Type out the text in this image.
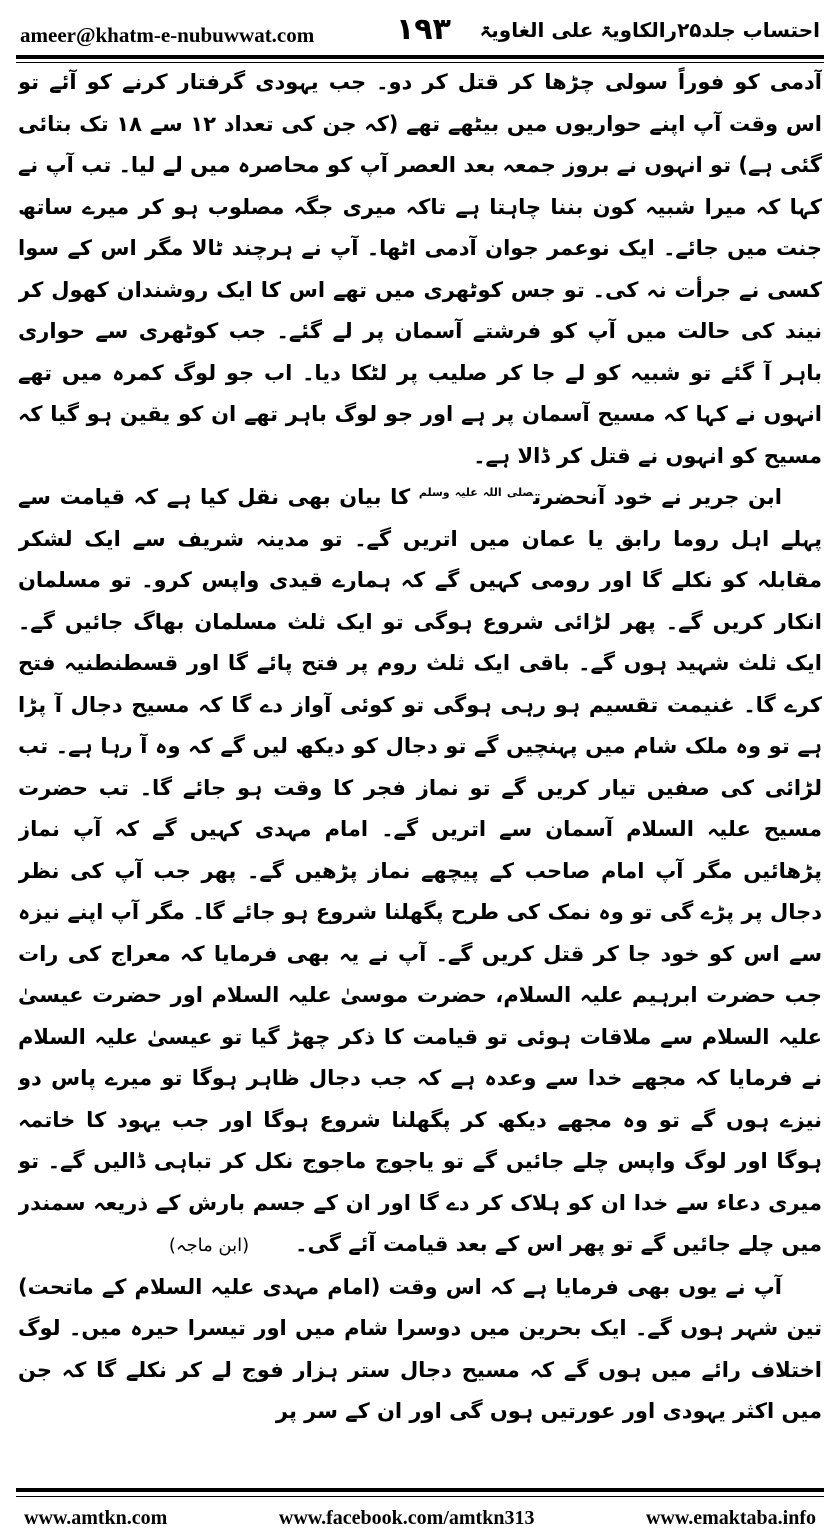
ameer@khatm-e-nubuwwat.com	۱۹۳ احتساب جلد۲۵رالکاویۃ علی الغاویۃ

آدمی کو فوراً سولی چڑھا کر قتل کر دو۔ جب یہودی گرفتار کرنے کو آئے تو اس وقت آپ اپنے حواریوں میں بیٹھے تھے (کہ جن کی تعداد ۱۲ سے ۱۸ تک بتائی گئی ہے) تو انہوں نے بروز جمعہ بعد العصر آپ کو محاصرہ میں لے لیا۔ تب آپ نے کہا کہ میرا شبیہ کون بننا چاہتا ہے تاکہ میری جگہ مصلوب ہو کر میرے ساتھ جنت میں جائے۔ ایک نوعمر جوان آدمی اٹھا۔ آپ نے ہرچند ٹالا مگر اس کے سوا کسی نے جرأت نہ کی۔ تو جس کوٹھری میں تھے اس کا ایک روشندان کھول کر نیند کی حالت میں آپ کو فرشتے آسمان پر لے گئے۔ جب کوٹھری سے حواری باہر آ گئے تو شبیہ کو لے جا کر صلیب پر لٹکا دیا۔ اب جو لوگ کمرہ میں تھے انہوں نے کہا کہ مسیح آسمان پر ہے اور جو لوگ باہر تھے ان کو یقین ہو گیا کہ مسیح کو انہوں نے قتل کر ڈالا ہے۔

ابن جریر نے خود آنحضرت$^{صلی اللہ علیہ وسلم}$ کا بیان بھی نقل کیا ہے کہ قیامت سے پہلے اہل روما رابق یا عمان میں اتریں گے۔ تو مدینہ شریف سے ایک لشکر مقابلہ کو نکلے گا اور رومی کہیں گے کہ ہمارے قیدی واپس کرو۔ تو مسلمان انکار کریں گے۔ پھر لڑائی شروع ہوگی تو ایک ثلث مسلمان بھاگ جائیں گے۔ ایک ثلث شہید ہوں گے۔ باقی ایک ثلث روم پر فتح پائے گا اور قسطنطنیہ فتح کرے گا۔ غنیمت تقسیم ہو رہی ہوگی تو کوئی آواز دے گا کہ مسیح دجال آ پڑا ہے تو وہ ملک شام میں پہنچیں گے تو دجال کو دیکھ لیں گے کہ وہ آ رہا ہے۔ تب لڑائی کی صفیں تیار کریں گے تو نماز فجر کا وقت ہو جائے گا۔ تب حضرت مسیح علیہ السلام آسمان سے اتریں گے۔ امام مہدی کہیں گے کہ آپ نماز پڑھائیں مگر آپ امام صاحب کے پیچھے نماز پڑھیں گے۔ پھر جب آپ کی نظر دجال پر پڑے گی تو وہ نمک کی طرح پگھلنا شروع ہو جائے گا۔ مگر آپ اپنے نیزہ سے اس کو خود جا کر قتل کریں گے۔ آپ نے یہ بھی فرمایا کہ معراج کی رات جب حضرت ابرہیم علیہ السلام، حضرت موسیٰ علیہ السلام اور حضرت عیسیٰ علیہ السلام سے ملاقات ہوئی تو قیامت کا ذکر چھڑ گیا تو عیسیٰ علیہ السلام نے فرمایا کہ مجھے خدا سے وعدہ ہے کہ جب دجال ظاہر ہوگا تو میرے پاس دو نیزے ہوں گے تو وہ مجھے دیکھ کر پگھلنا شروع ہوگا اور جب یہود کا خاتمہ ہوگا اور لوگ واپس چلے جائیں گے تو یاجوج ماجوج نکل کر تباہی ڈالیں گے۔ تو میری دعاء سے خدا ان کو ہلاک کر دے گا اور ان کے جسم بارش کے ذریعہ سمندر میں چلے جائیں گے تو پھر اس کے بعد قیامت آئے گی۔(ابن ماجہ)

آپ نے یوں بھی فرمایا ہے کہ اس وقت (امام مہدی علیہ السلام کے ماتحت) تین شہر ہوں گے۔ ایک بحرین میں دوسرا شام میں اور تیسرا حیرہ میں۔ لوگ اختلاف رائے میں ہوں گے کہ مسیح دجال ستر ہزار فوج لے کر نکلے گا کہ جن میں اکثر یہودی اور عورتیں ہوں گی اور ان کے سر پر

www.amtkn.com	www.facebook.com/amtkn313	www.emaktaba.info
